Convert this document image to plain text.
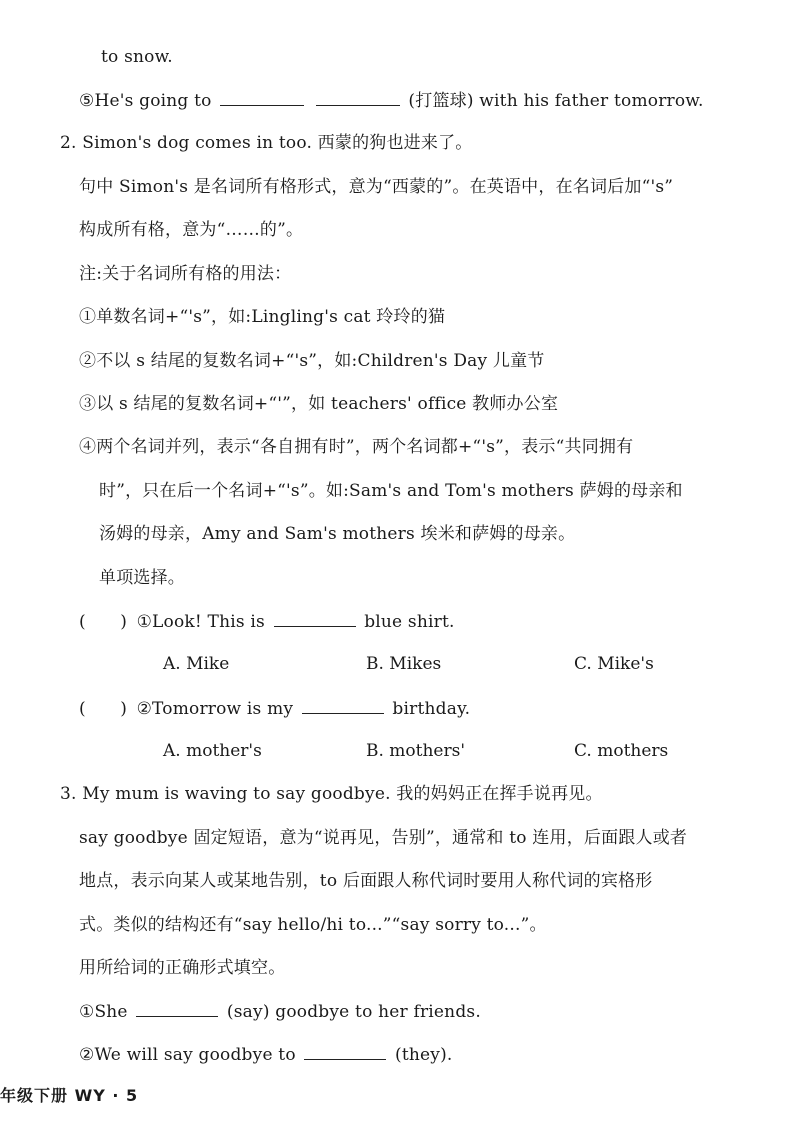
to snow.
⑤He's going to	(打篮球) with his father tomorrow.
2. Simon's dog comes in too. 西蒙的狗也进来了。
句中 Simon's 是名词所有格形式，意为“西蒙的”。在英语中，在名词后加“'s”
构成所有格，意为“……的”。
注:关于名词所有格的用法：
①单数名词+“'s”，如:Lingling's cat 玲玲的猫
②不以 s 结尾的复数名词+“'s”，如:Children's Day 儿童节
③以 s 结尾的复数名词+“'”，如 teachers' office 教师办公室
④两个名词并列，表示“各自拥有时”，两个名词都+“'s”，表示“共同拥有
时”，只在后一个名词+“'s”。如:Sam's and Tom's mothers 萨姆的母亲和
汤姆的母亲，Amy and Sam's mothers 埃米和萨姆的母亲。
单项选择。
(　　) ①Look! This is	blue shirt.
A. Mike	B. Mikes	C. Mike's
(　　) ②Tomorrow is my	birthday.
A. mother's	B. mothers'	C. mothers
3. My mum is waving to say goodbye. 我的妈妈正在挥手说再见。
say goodbye 固定短语，意为“说再见，告别”，通常和 to 连用，后面跟人或者
地点，表示向某人或某地告别，to 后面跟人称代词时要用人称代词的宾格形
式。类似的结构还有“say hello/hi to...”“say sorry to...”。
用所给词的正确形式填空。
①She	(say) goodbye to her friends.
②We will say goodbye to	(they).
年级下册 WY · 5
